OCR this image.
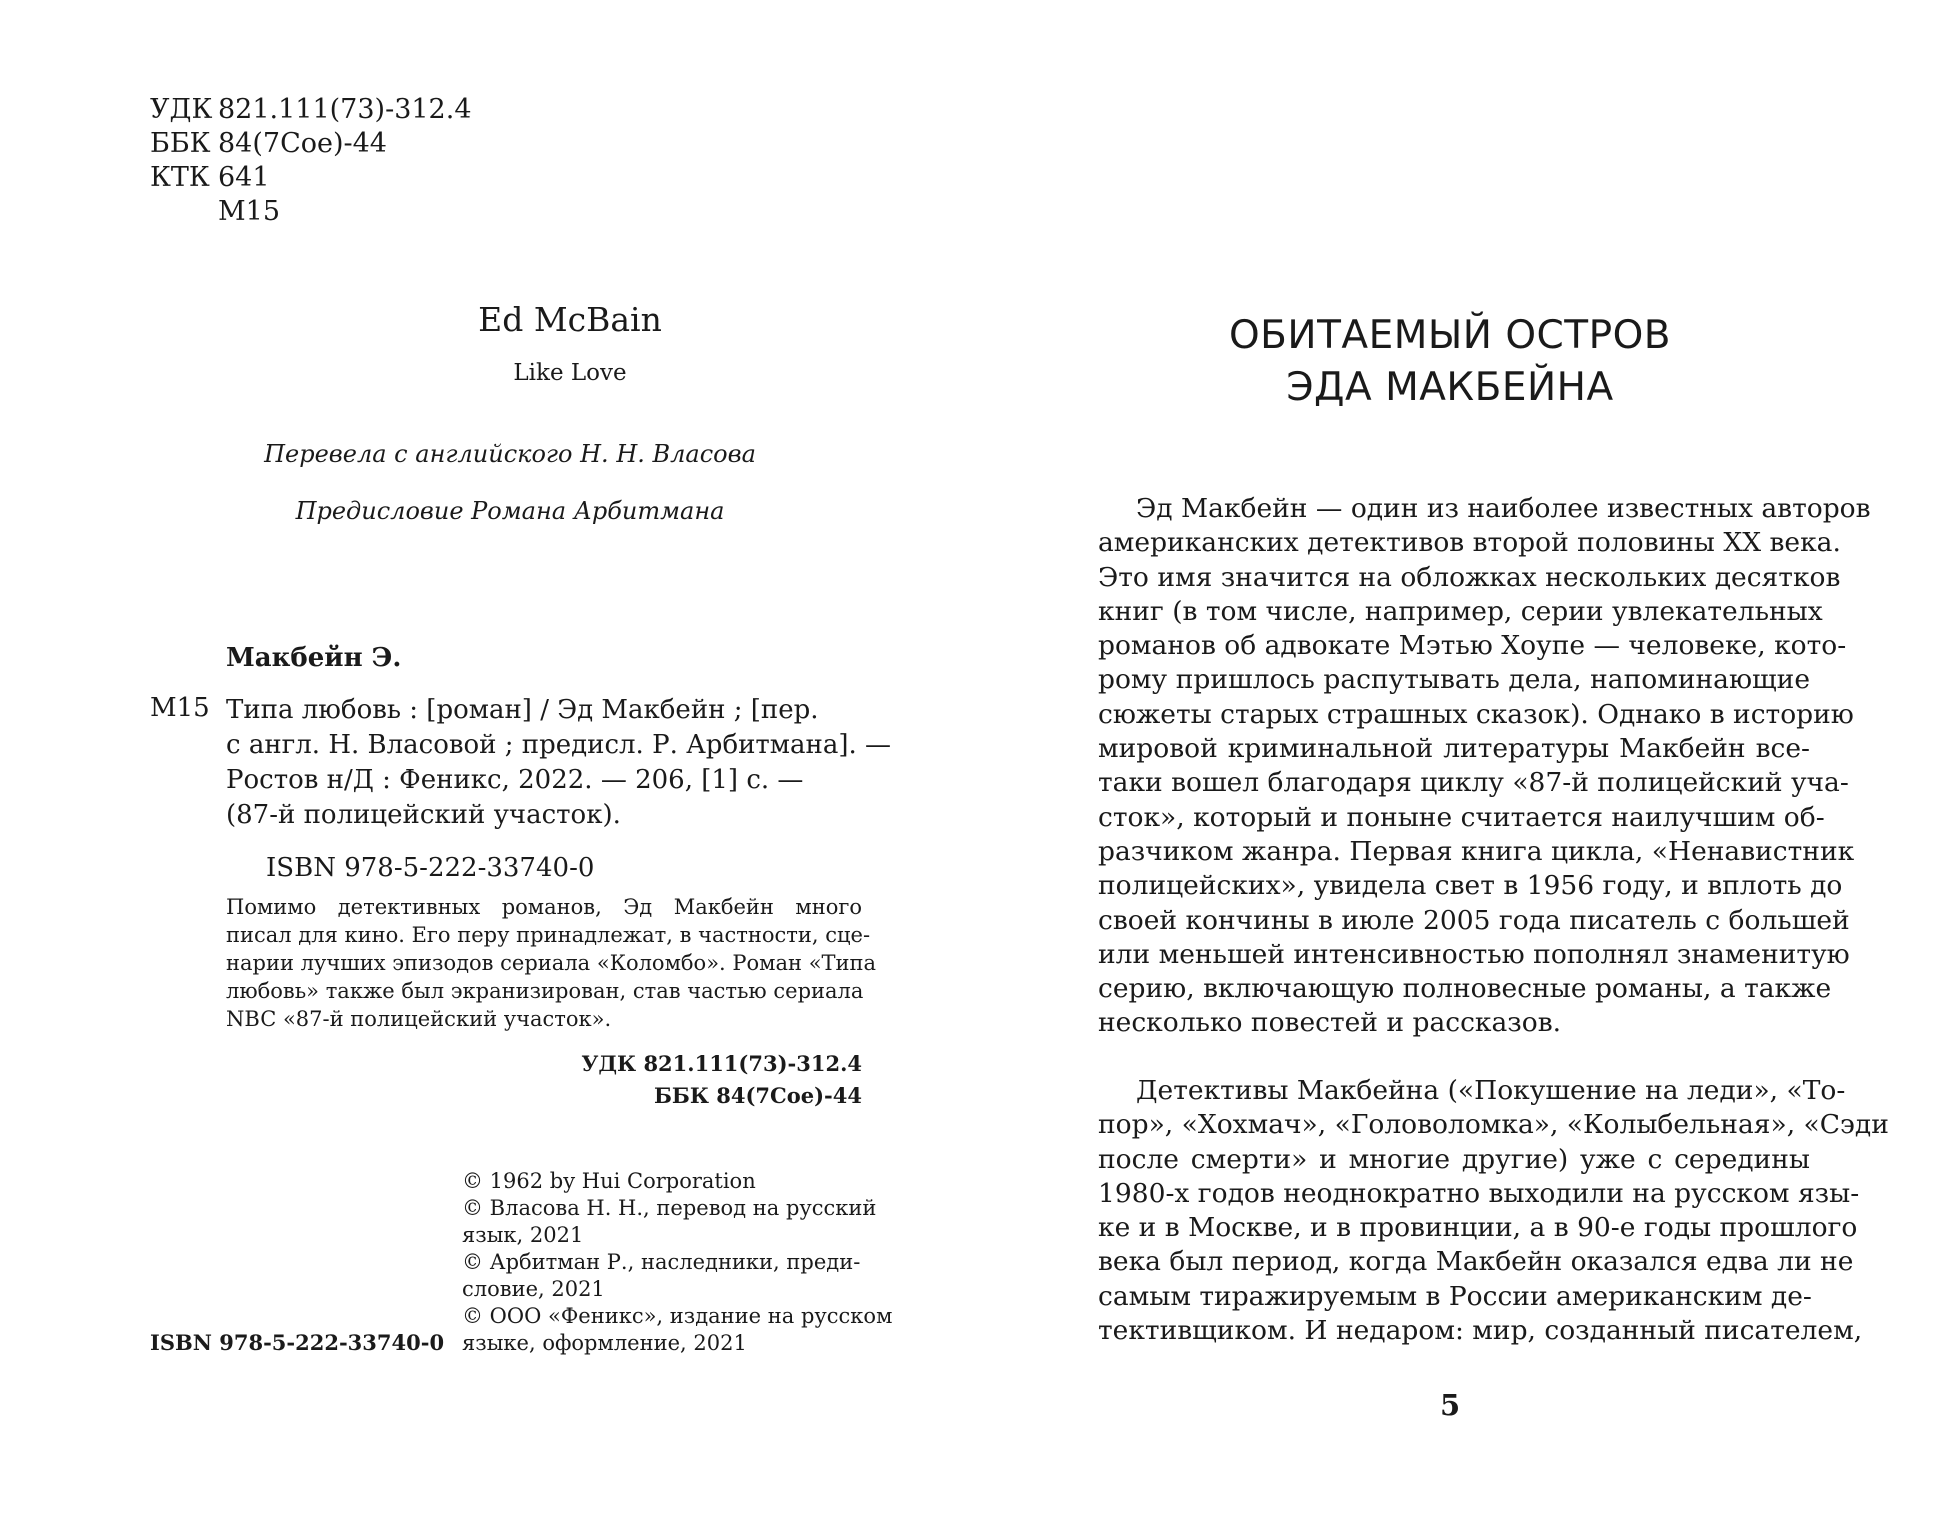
УДК 821.111(73)-312.4
ББК 84(7Сое)-44
КТК 641
М15
Ed McBain
Like Love
Перевела с английского Н. Н. Власова
Предисловие Романа Арбитмана
Макбейн Э.
М15 Типа любовь : [роман] / Эд Макбейн ; [пер.
с англ. Н. Власовой ; предисл. Р. Арбитмана]. —
Ростов н/Д : Феникс, 2022. — 206, [1] с. —
(87-й полицейский участок).
ISBN 978-5-222-33740-0
Помимо детективных романов, Эд Макбейн много
писал для кино. Его перу принадлежат, в частности, сце-
нарии лучших эпизодов сериала «Коломбо». Роман «Типа
любовь» также был экранизирован, став частью сериала
NBC «87-й полицейский участок».
УДК 821.111(73)-312.4
ББК 84(7Сое)-44
© 1962 by Hui Corporation
© Власова Н. Н., перевод на русский
язык, 2021
© Арбитман Р., наследники, преди-
словие, 2021
© ООО «Феникс», издание на русском
языке, оформление, 2021
ISBN 978-5-222-33740-0
ОБИТАЕМЫЙ ОСТРОВ
ЭДА МАКБЕЙНА
Эд Макбейн — один из наиболее известных авторов
американских детективов второй половины XX века.
Это имя значится на обложках нескольких десятков
книг (в том числе, например, серии увлекательных
романов об адвокате Мэтью Хоупе — человеке, кото-
рому пришлось распутывать дела, напоминающие
сюжеты старых страшных сказок). Однако в историю
мировой криминальной литературы Макбейн все-
таки вошел благодаря циклу «87-й полицейский уча-
сток», который и поныне считается наилучшим об-
разчиком жанра. Первая книга цикла, «Ненавистник
полицейских», увидела свет в 1956 году, и вплоть до
своей кончины в июле 2005 года писатель с большей
или меньшей интенсивностью пополнял знаменитую
серию, включающую полновесные романы, а также
несколько повестей и рассказов.
Детективы Макбейна («Покушение на леди», «То-
пор», «Хохмач», «Головоломка», «Колыбельная», «Сэди
после смерти» и многие другие) уже с середины
1980-х годов неоднократно выходили на русском язы-
ке и в Москве, и в провинции, а в 90-е годы прошлого
века был период, когда Макбейн оказался едва ли не
самым тиражируемым в России американским де-
тективщиком. И недаром: мир, созданный писателем,
5
